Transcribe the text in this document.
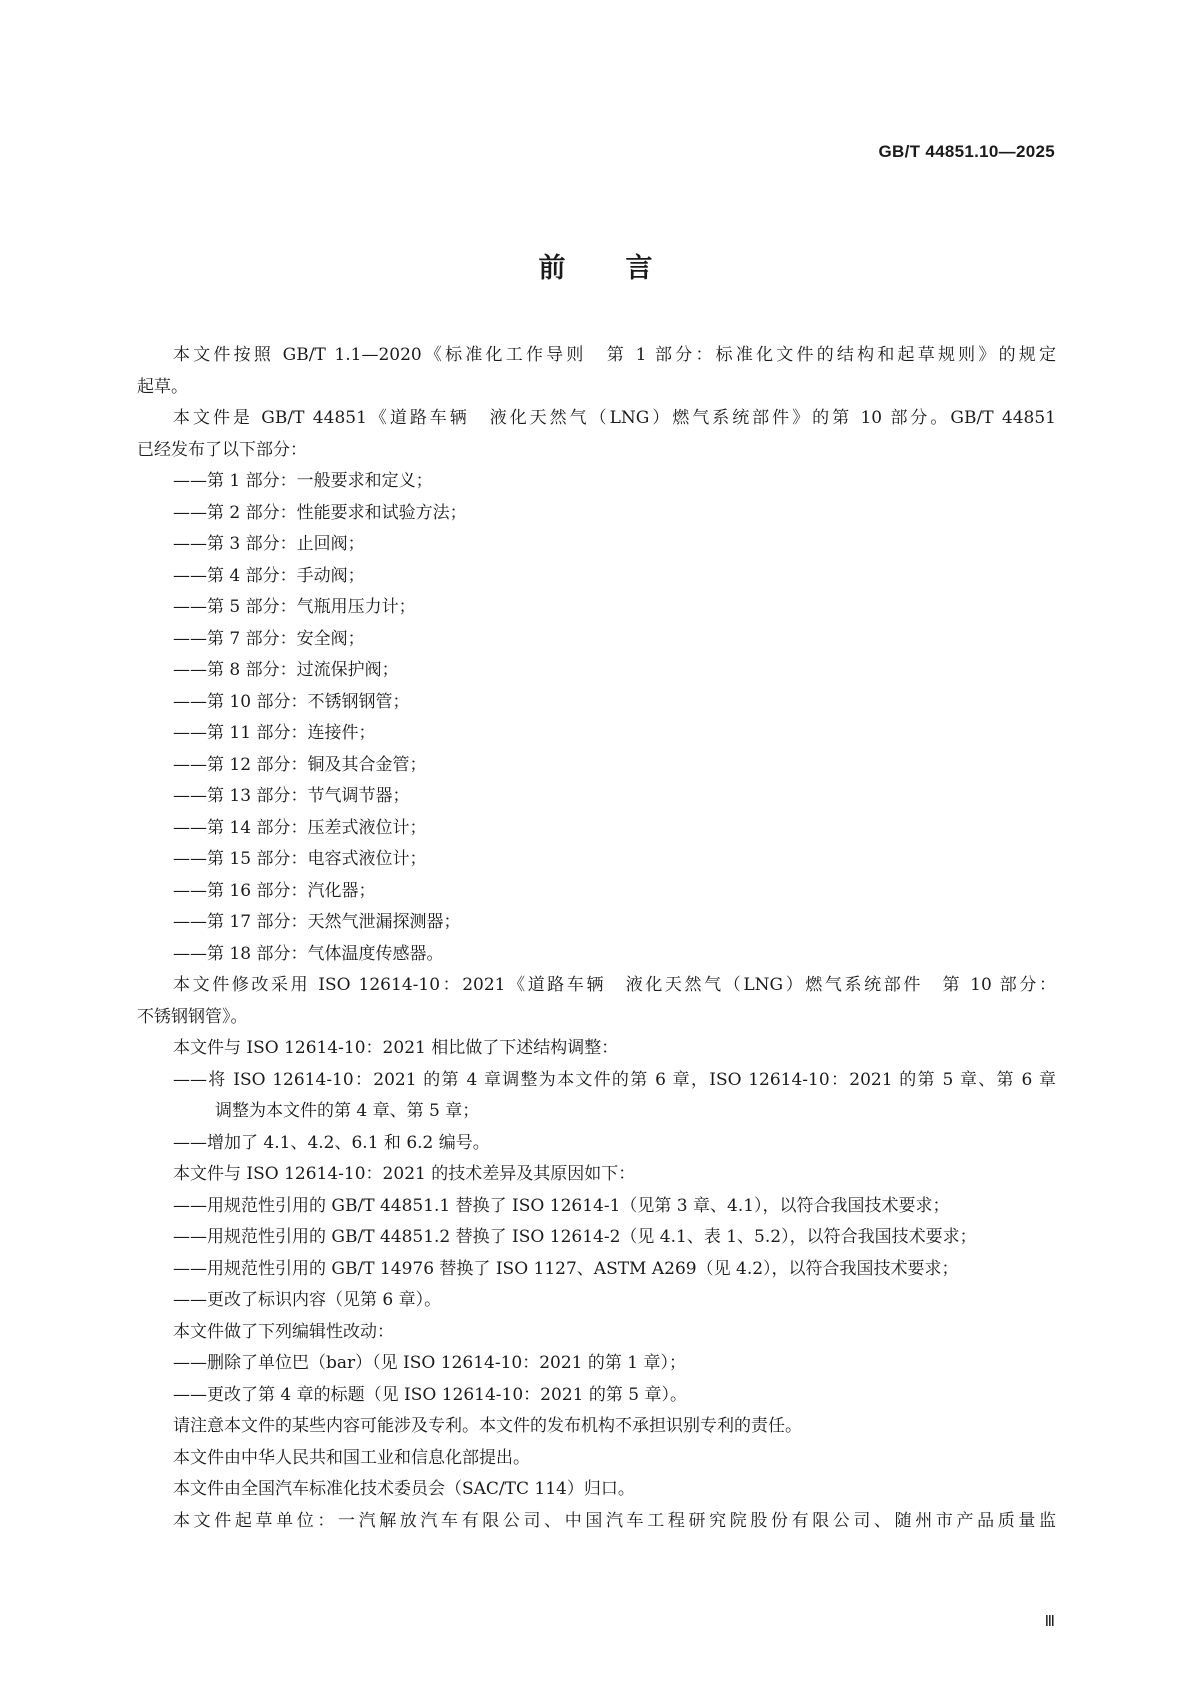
GB/T 44851.10—2025
前言
本文件按照 GB/T 1.1—2020《标准化工作导则　第 1 部分：标准化文件的结构和起草规则》的规定
起草。
本文件是 GB/T 44851《道路车辆　液化天然气（LNG）燃气系统部件》的第 10 部分。GB/T 44851
已经发布了以下部分：
——第 1 部分：一般要求和定义；
——第 2 部分：性能要求和试验方法；
——第 3 部分：止回阀；
——第 4 部分：手动阀；
——第 5 部分：气瓶用压力计；
——第 7 部分：安全阀；
——第 8 部分：过流保护阀；
——第 10 部分：不锈钢钢管；
——第 11 部分：连接件；
——第 12 部分：铜及其合金管；
——第 13 部分：节气调节器；
——第 14 部分：压差式液位计；
——第 15 部分：电容式液位计；
——第 16 部分：汽化器；
——第 17 部分：天然气泄漏探测器；
——第 18 部分：气体温度传感器。
本文件修改采用 ISO 12614-10：2021《道路车辆　液化天然气（LNG）燃气系统部件　第 10 部分：
不锈钢钢管》。
本文件与 ISO 12614-10：2021 相比做了下述结构调整：
——将 ISO 12614-10：2021 的第 4 章调整为本文件的第 6 章，ISO 12614-10：2021 的第 5 章、第 6 章
调整为本文件的第 4 章、第 5 章；
——增加了 4.1、4.2、6.1 和 6.2 编号。
本文件与 ISO 12614-10：2021 的技术差异及其原因如下：
——用规范性引用的 GB/T 44851.1 替换了 ISO 12614-1（见第 3 章、4.1），以符合我国技术要求；
——用规范性引用的 GB/T 44851.2 替换了 ISO 12614-2（见 4.1、表 1、5.2），以符合我国技术要求；
——用规范性引用的 GB/T 14976 替换了 ISO 1127、ASTM A269（见 4.2），以符合我国技术要求；
——更改了标识内容（见第 6 章）。
本文件做了下列编辑性改动：
——删除了单位巴（bar）（见 ISO 12614-10：2021 的第 1 章）；
——更改了第 4 章的标题（见 ISO 12614-10：2021 的第 5 章）。
请注意本文件的某些内容可能涉及专利。本文件的发布机构不承担识别专利的责任。
本文件由中华人民共和国工业和信息化部提出。
本文件由全国汽车标准化技术委员会（SAC/TC 114）归口。
本文件起草单位：一汽解放汽车有限公司、中国汽车工程研究院股份有限公司、随州市产品质量监
Ⅲ
